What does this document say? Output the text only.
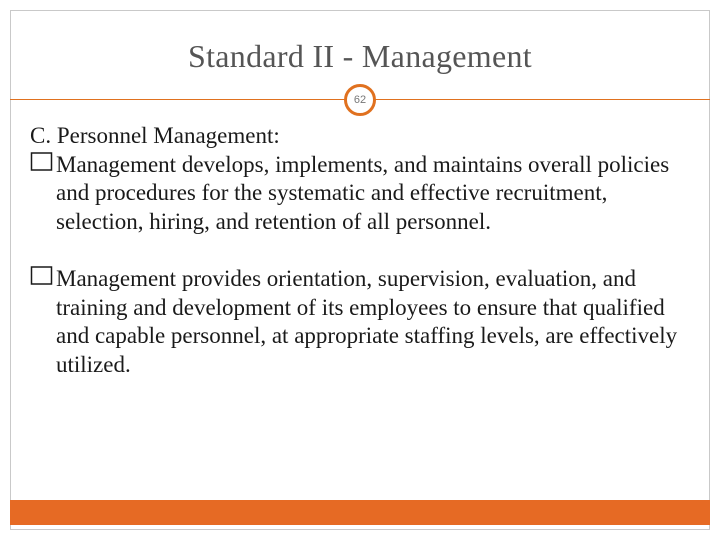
Standard II - Management
62

C. Personnel Management:

Management develops, implements, and maintains overall policies and procedures for the systematic and effective recruitment, selection, hiring, and retention of all personnel.

Management provides orientation, supervision, evaluation, and training and development of its employees to ensure that qualified and capable personnel, at appropriate staffing levels, are effectively utilized.
